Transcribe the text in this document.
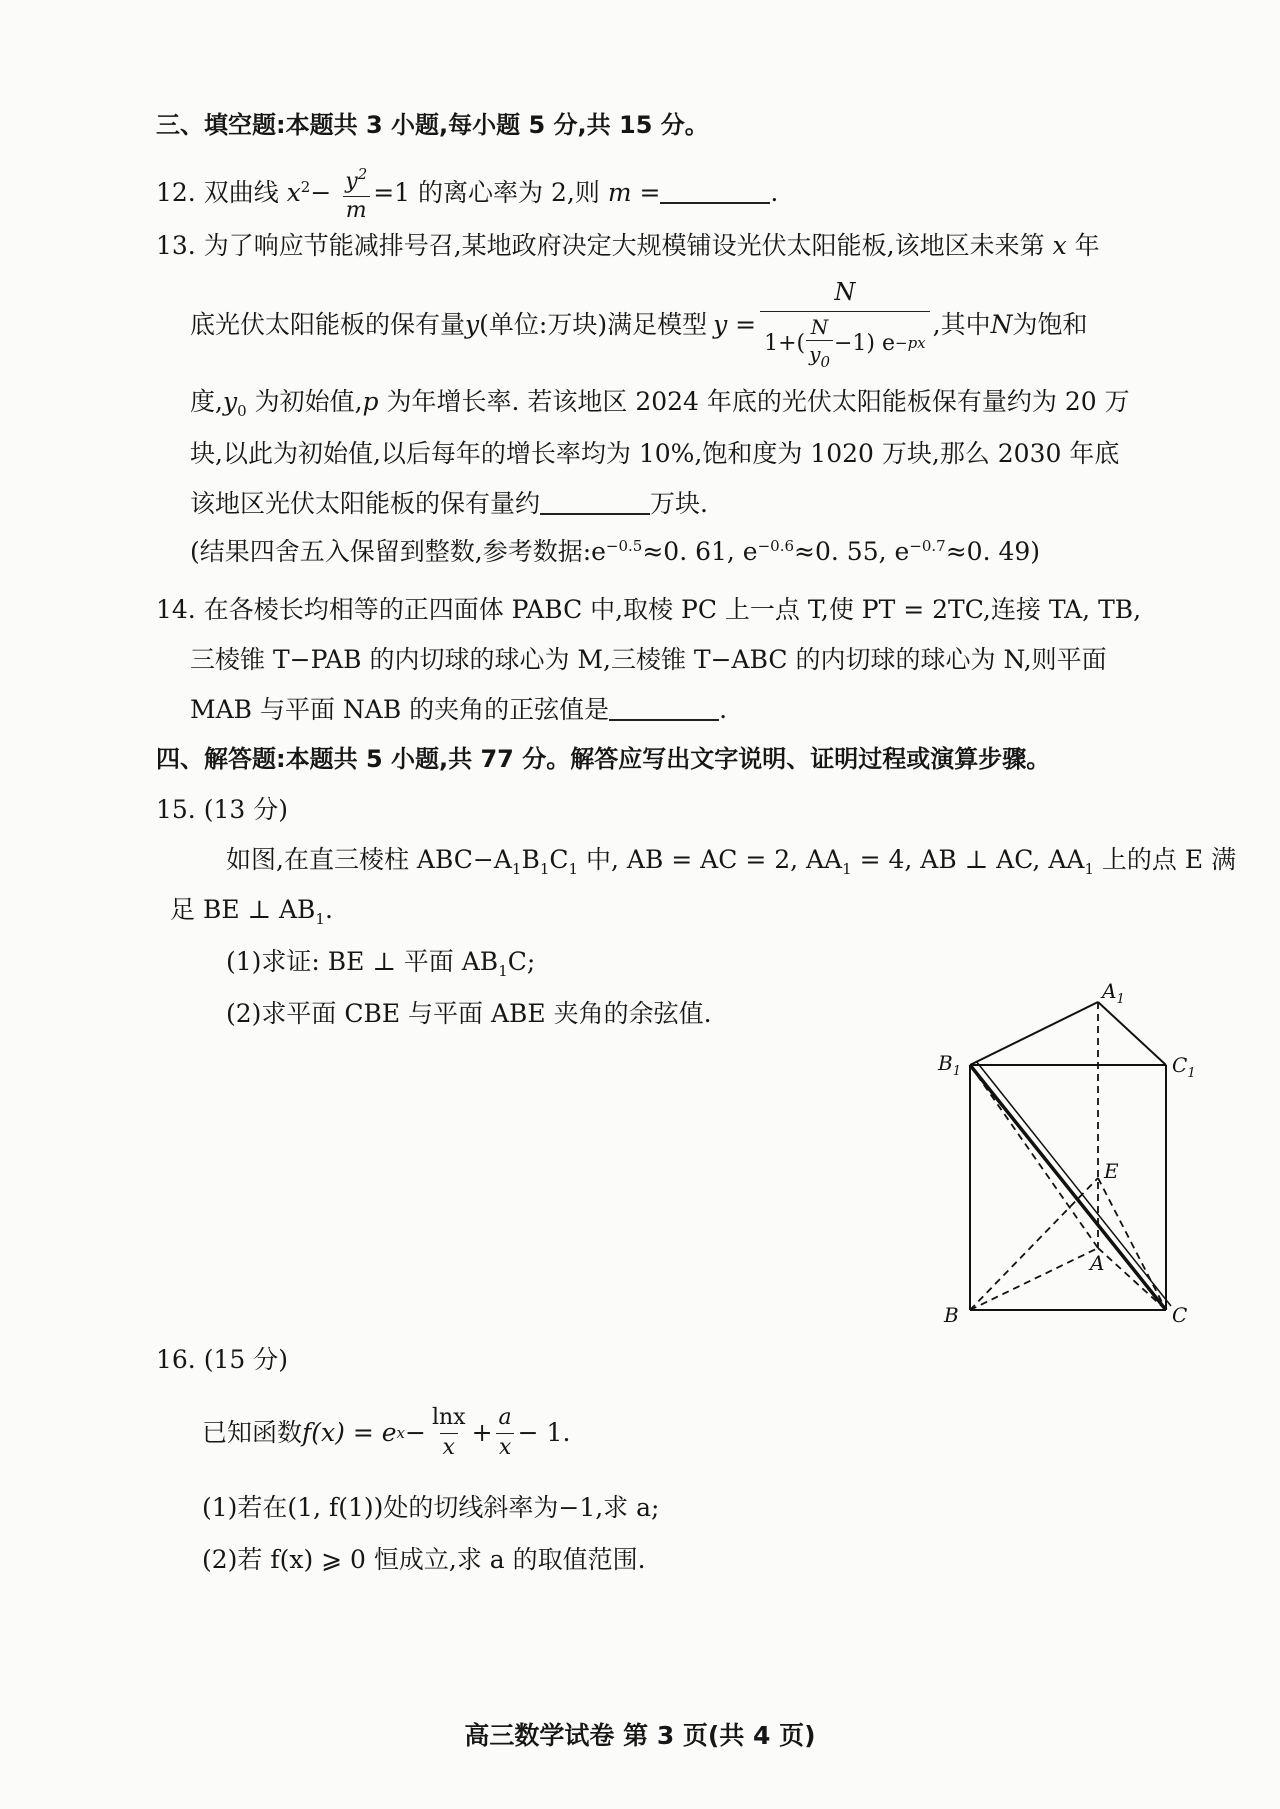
三、填空题:本题共 3 小题,每小题 5 分,共 15 分。
12. 双曲线 $x^2- \frac{y^2}{m} =1$ 的离心率为 2,则 m =	.
13. 为了响应节能减排号召,某地政府决定大规模铺设光伏太阳能板,该地区未来第 x 年
底光伏太阳能板的保有量 y (单位:万块)满足模型 y =
N
$1+( \frac{N}{y_0} -1)$ e −px
,其中 N 为饱和
度$,y_0$ 为初始值,p 为年增长率. 若该地区 2024 年底的光伏太阳能板保有量约为 20 万
块,以此为初始值,以后每年的增长率均为 10%,饱和度为 1020 万块,那么 2030 年底
该地区光伏太阳能板的保有量约	万块.
(结果四舍五入保留到整数,参考数据$:e^{-0.5}\approx 0$. 61, $e^{-0.6}\approx 0$. 55, $e^{-0.7}\approx 0$. 49)
14. 在各棱长均相等的正四面体 PABC 中,取棱 PC 上一点 T,使 PT = 2TC,连接 TA, TB,
三棱锥 T−PAB 的内切球的球心为 M,三棱锥 T−ABC 的内切球的球心为 N,则平面
MAB 与平面 NAB 的夹角的正弦值是	.
四、解答题:本题共 5 小题,共 77 分。解答应写出文字说明、证明过程或演算步骤。
15. (13 分)
如图,在直三棱柱 $ABC-A_1B_1C_1$ 中, AB = AC = 2, $AA_1 = 4$, AB ⊥ AC, $AA_1$ 上的点 E 满
足 BE ⊥ $AB_1$.
(1)求证: BE ⊥ 平面 $AB_1C$;
(2)求平面 CBE 与平面 ABE 夹角的余弦值.
$A_1$
$C_1$
$B_1$
E
A
B	C
16. (15 分)
已知函数 f(x) = e $x - \frac{\ln x}{x} + \frac{a}{x} - 1$.
(1)若在(1, f(1))处的切线斜率为−1,求 a;
(2)若 f(x) ⩾ 0 恒成立,求 a 的取值范围.
高三数学试卷 第 3 页(共 4 页)
